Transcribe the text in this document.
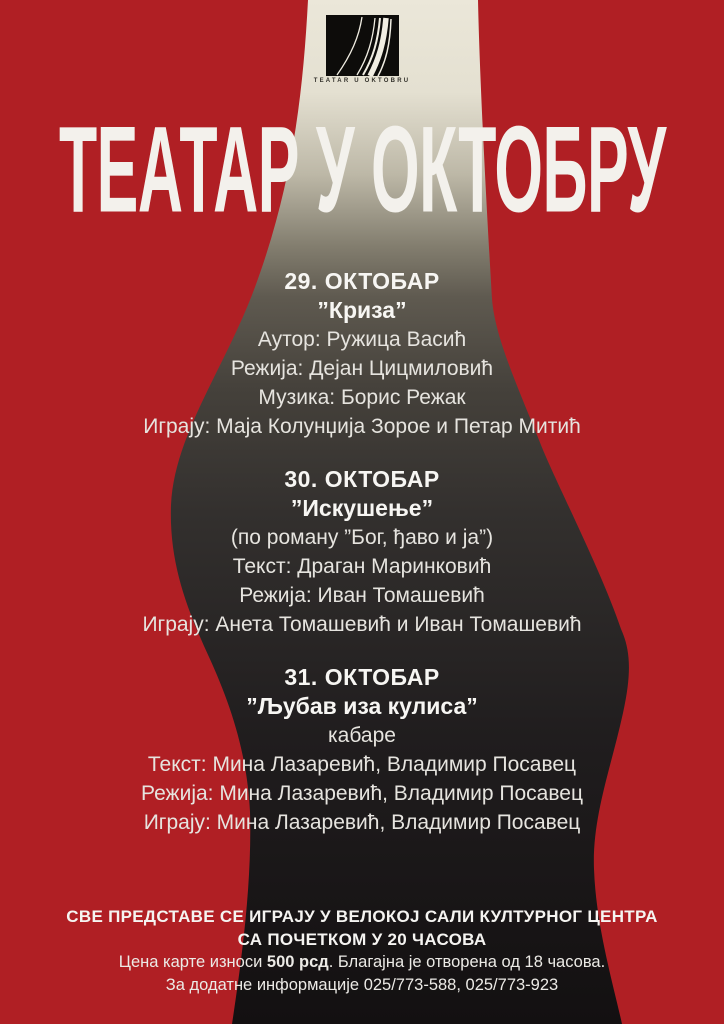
TEATAR U OKTOBRU
ТЕАТАР У ОКТОБРУ
29. ОКТОБАР
”Криза”
Аутор: Ружица Васић
Режија: Дејан Цицмиловић
Музика: Борис Режак
Играју: Маја Колунџија Зорое и Петар Митић
30. ОКТОБАР
”Искушење”
(по роману ”Бог, ђаво и ја”)
Текст: Драган Маринковић
Режија: Иван Томашевић
Играју: Анета Томашевић и Иван Томашевић
31. ОКТОБАР
”Љубав иза кулиса”
кабаре
Текст: Мина Лазаревић, Владимир Посавец
Режија: Мина Лазаревић, Владимир Посавец
Играју: Мина Лазаревић, Владимир Посавец
СВЕ ПРЕДСТАВЕ СЕ ИГРАЈУ У ВЕЛОКОЈ САЛИ КУЛТУРНОГ ЦЕНТРА
СА ПОЧЕТКОМ У 20 ЧАСОВА
Цена карте износи 500 рсд. Благајна је отворена од 18 часова.
За додатне информације 025/773-588, 025/773-923
